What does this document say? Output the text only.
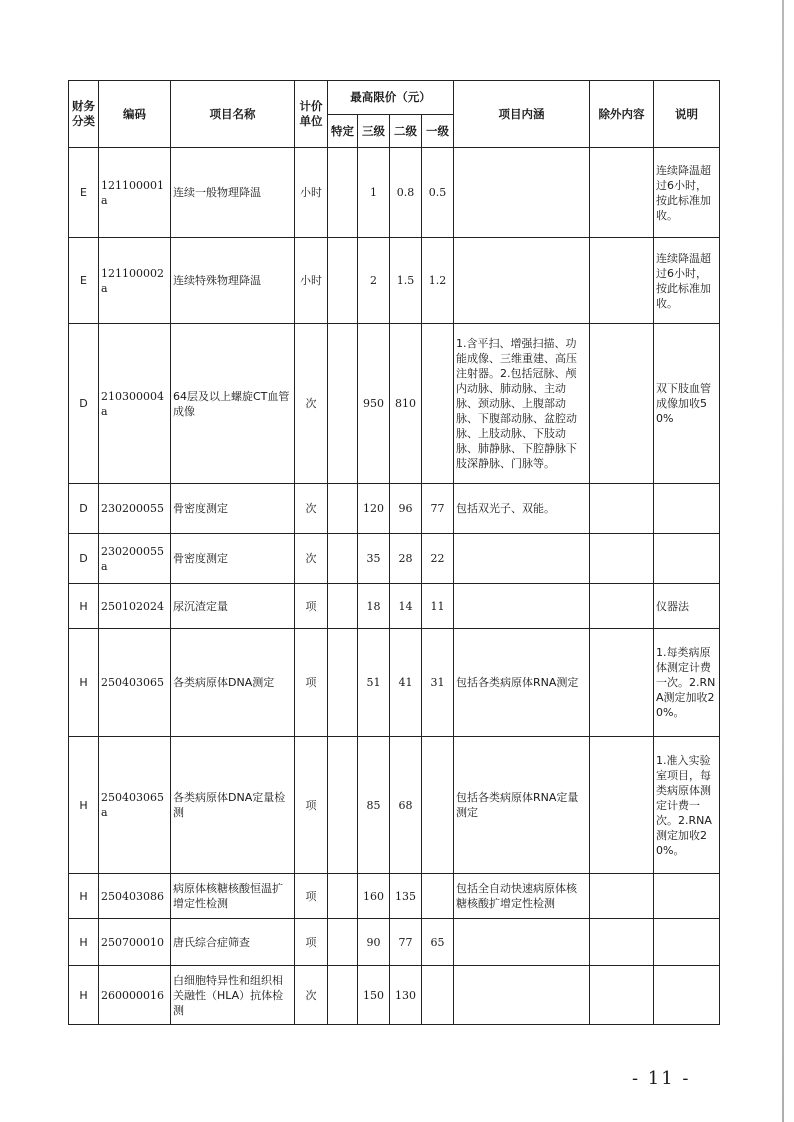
财务分类	编码	项目名称	计价单位	最高限价（元）				项目内涵	除外内容	说明
				特定	三级	二级	一级			
E	121100001a	连续一般物理降温	小时		1	0.8	0.5			连续降温超过6小时，按此标准加收。
E	121100002a	连续特殊物理降温	小时		2	1.5	1.2			连续降温超过6小时，按此标准加收。
D	210300004a	64层及以上螺旋CT血管成像	次		950	810		1.含平扫、增强扫描、功能成像、三维重建、高压注射器。2.包括冠脉、颅内动脉、肺动脉、主动脉、颈动脉、上腹部动脉、下腹部动脉、盆腔动脉、上肢动脉、下肢动脉、肺静脉、下腔静脉下肢深静脉、门脉等。		双下肢血管成像加收50%
D	230200055	骨密度测定	次		120	96	77	包括双光子、双能。		
D	230200055a	骨密度测定	次		35	28	22			
H	250102024	尿沉渣定量	项		18	14	11			仪器法
H	250403065	各类病原体DNA测定	项		51	41	31	包括各类病原体RNA测定		1.每类病原体测定计费一次。2.RNA测定加收20%。
H	250403065a	各类病原体DNA定量检测	项		85	68		包括各类病原体RNA定量测定		1.准入实验室项目，每类病原体测定计费一次。2.RNA测定加收20%。
H	250403086	病原体核糖核酸恒温扩增定性检测	项		160	135		包括全自动快速病原体核糖核酸扩增定性检测		
H	250700010	唐氏综合症筛查	项		90	77	65			
H	260000016	白细胞特异性和组织相关融性（HLA）抗体检测	次		150	130				
- 11 -
